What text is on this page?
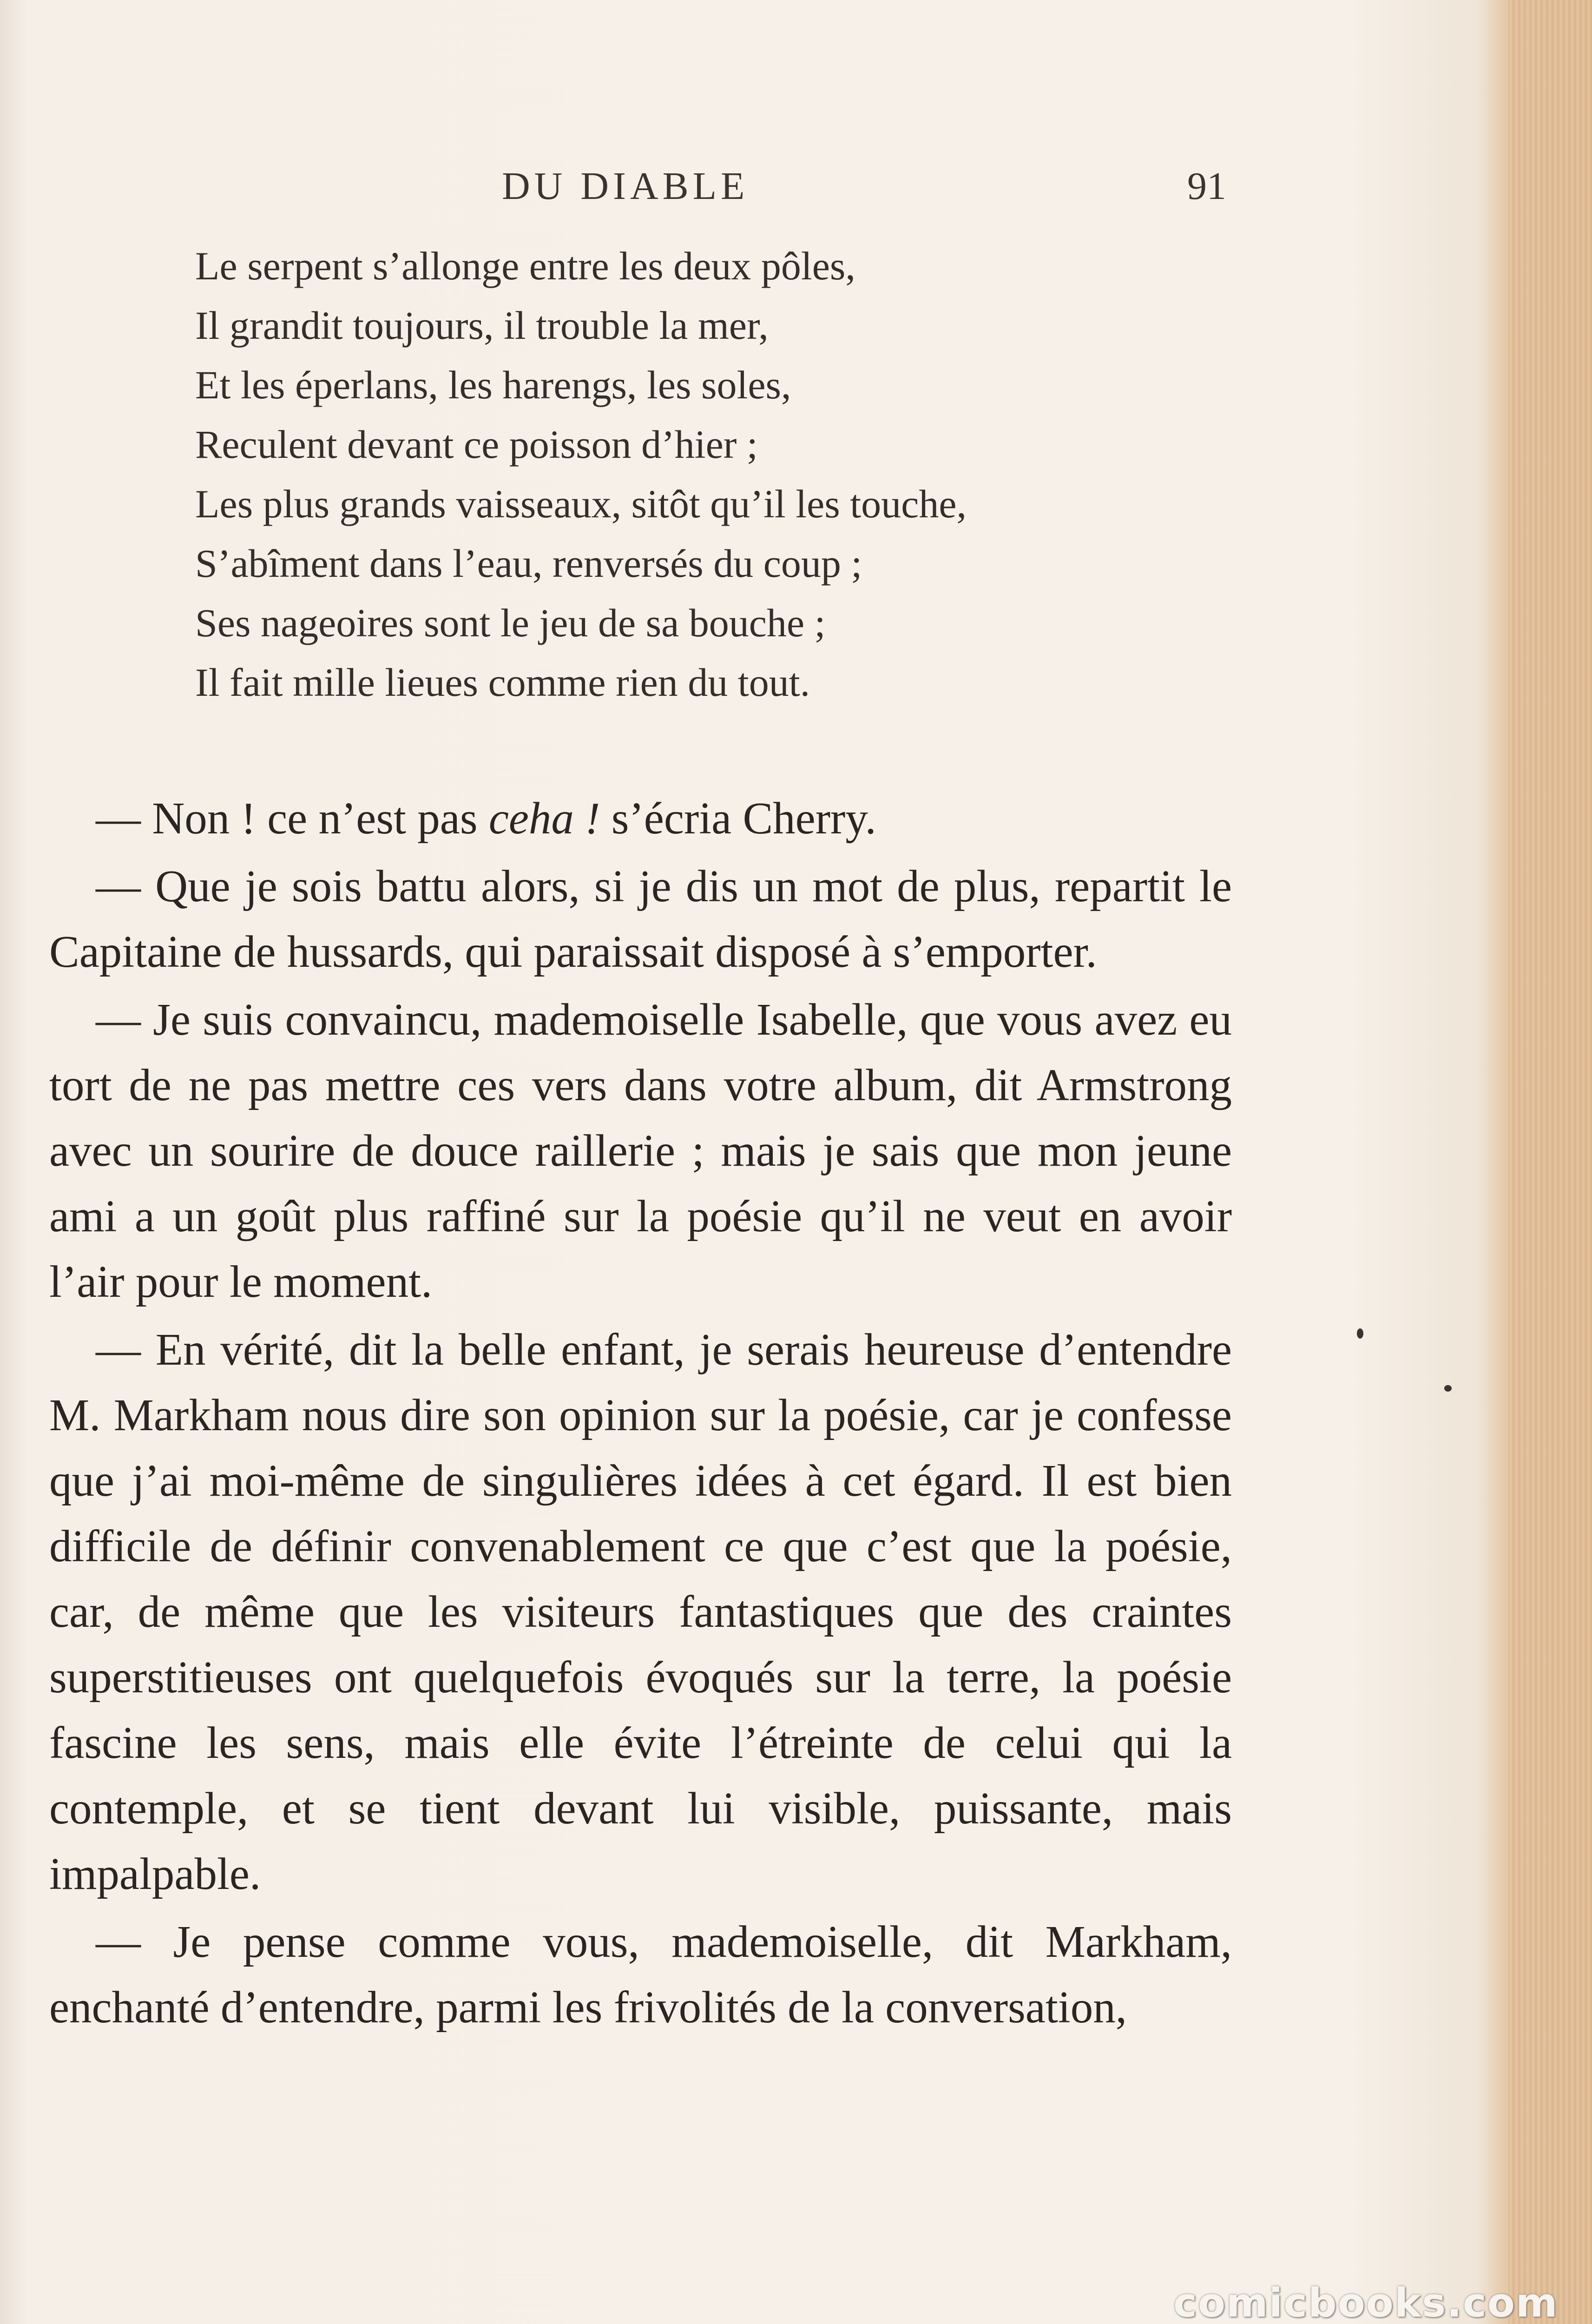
DU DIABLE	91
Le serpent s’allonge entre les deux pôles,
Il grandit toujours, il trouble la mer,
Et les éperlans, les harengs, les soles,
Reculent devant ce poisson d’hier ;
Les plus grands vaisseaux, sitôt qu’il les touche,
S’abîment dans l’eau, renversés du coup ;
Ses nageoires sont le jeu de sa bouche ;
Il fait mille lieues comme rien du tout.

— Non ! ce n’est pas ceha ! s’écria Cherry.

— Que je sois battu alors, si je dis un mot de plus, repartit le Capitaine de hussards, qui paraissait disposé à s’emporter.

— Je suis convaincu, mademoiselle Isabelle, que vous avez eu tort de ne pas mettre ces vers dans votre album, dit Armstrong avec un sourire de douce raillerie ; mais je sais que mon jeune ami a un goût plus raffiné sur la poésie qu’il ne veut en avoir l’air pour le moment.

— En vérité, dit la belle enfant, je serais heureuse d’entendre M. Markham nous dire son opinion sur la poésie, car je confesse que j’ai moi-même de singulières idées à cet égard. Il est bien difficile de définir convenablement ce que c’est que la poésie, car, de même que les visiteurs fantastiques que des craintes superstitieuses ont quelquefois évoqués sur la terre, la poésie fascine les sens, mais elle évite l’étreinte de celui qui la contemple, et se tient devant lui visible, puissante, mais impalpable.

— Je pense comme vous, mademoiselle, dit Markham, enchanté d’entendre, parmi les frivolités de la conversation,

comicbooks.com
